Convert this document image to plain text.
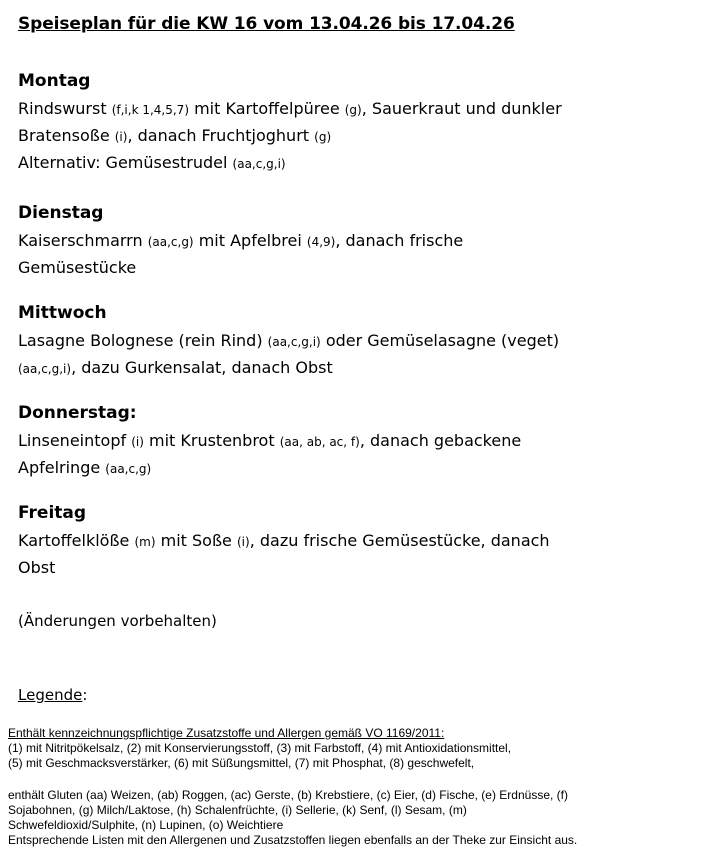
Speiseplan für die KW 16 vom 13.04.26 bis 17.04.26
Montag
Rindswurst (f,i,k 1,4,5,7) mit Kartoffelpüree (g), Sauerkraut und dunkler
Bratensoße (i), danach Fruchtjoghurt (g)
Alternativ: Gemüsestrudel (aa,c,g,i)
Dienstag
Kaiserschmarrn (aa,c,g) mit Apfelbrei (4,9), danach frische
Gemüsestücke
Mittwoch
Lasagne Bolognese (rein Rind) (aa,c,g,i) oder Gemüselasagne (veget)
(aa,c,g,i), dazu Gurkensalat, danach Obst
Donnerstag:
Linseneintopf (i) mit Krustenbrot (aa, ab, ac, f), danach gebackene
Apfelringe (aa,c,g)
Freitag
Kartoffelklöße (m) mit Soße (i), dazu frische Gemüsestücke, danach
Obst
(Änderungen vorbehalten)
Legende:
Enthält kennzeichnungspflichtige Zusatzstoffe und Allergen gemäß VO 1169/2011:
(1) mit Nitritpökelsalz, (2) mit Konservierungsstoff, (3) mit Farbstoff, (4) mit Antioxidationsmittel,
(5) mit Geschmacksverstärker, (6) mit Süßungsmittel, (7) mit Phosphat, (8) geschwefelt,
enthält Gluten (aa) Weizen, (ab) Roggen, (ac) Gerste, (b) Krebstiere, (c) Eier, (d) Fische, (e) Erdnüsse, (f)
Sojabohnen, (g) Milch/Laktose, (h) Schalenfrüchte, (i) Sellerie, (k) Senf, (l) Sesam, (m)
Schwefeldioxid/Sulphite, (n) Lupinen, (o) Weichtiere
Entsprechende Listen mit den Allergenen und Zusatzstoffen liegen ebenfalls an der Theke zur Einsicht aus.
